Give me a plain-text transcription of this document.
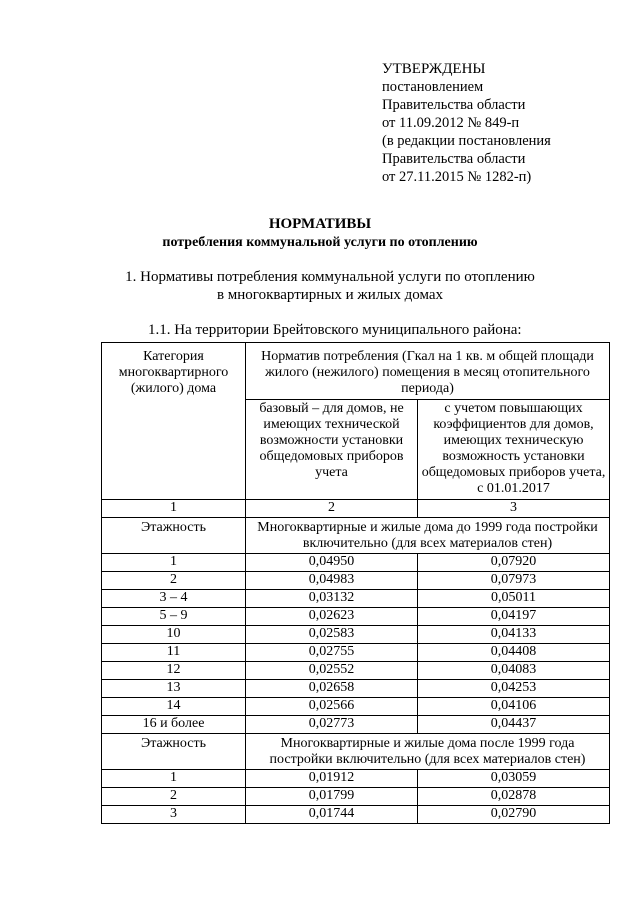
УТВЕРЖДЕНЫ
постановлением
Правительства области
от 11.09.2012 № 849-п
(в редакции постановления
Правительства области
от 27.11.2015 № 1282-п)
НОРМАТИВЫ
потребления коммунальной услуги по отоплению
1. Нормативы потребления коммунальной услуги по отоплению
в многоквартирных и жилых домах
1.1. На территории Брейтовского муниципального района:
Категория многоквартирного (жилого) дома	Норматив потребления (Гкал на 1 кв. м общей площади жилого (нежилого) помещения в месяц отопительного периода)	
	базовый – для домов, не имеющих технической возможности установки общедомовых приборов учета	с учетом повышающих коэффициентов для домов, имеющих техническую возможность установки общедомовых приборов учета, с 01.01.2017
1	2	3
Этажность	Многоквартирные и жилые дома до 1999 года постройки включительно (для всех материалов стен)	
1	0,04950	0,07920
2	0,04983	0,07973
3 – 4	0,03132	0,05011
5 – 9	0,02623	0,04197
10	0,02583	0,04133
11	0,02755	0,04408
12	0,02552	0,04083
13	0,02658	0,04253
14	0,02566	0,04106
16 и более	0,02773	0,04437
Этажность	Многоквартирные и жилые дома после 1999 года постройки включительно (для всех материалов стен)	
1	0,01912	0,03059
2	0,01799	0,02878
3	0,01744	0,02790
